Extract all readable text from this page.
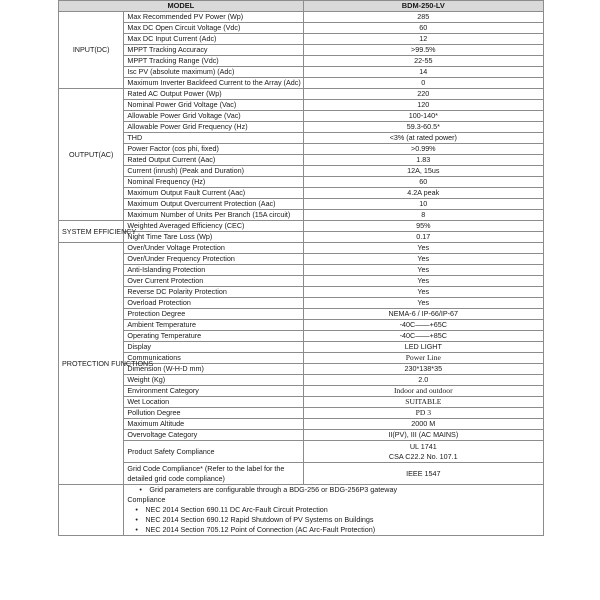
MODEL		BDM-250-LV
INPUT(DC)	Max Recommended PV Power (Wp)	285
	Max DC Open Circuit Voltage (Vdc)	60
	Max DC Input Current (Adc)	12
	MPPT Tracking Accuracy	>99.5%
	MPPT Tracking Range (Vdc)	22-55
	Isc PV (absolute maximum) (Adc)	14
	Maximum Inverter Backfeed Current to the Array (Adc)	0
OUTPUT(AC)	Rated AC Output Power (Wp)	220
	Nominal Power Grid Voltage (Vac)	120
	Allowable Power Grid Voltage (Vac)	100-140*
	Allowable Power Grid Frequency (Hz)	59.3-60.5*
	THD	<3% (at rated power)
	Power Factor (cos phi, fixed)	>0.99%
	Rated Output Current (Aac)	1.83
	Current (inrush) (Peak and Duration)	12A, 15us
	Nominal Frequency (Hz)	60
	Maximum Output Fault Current (Aac)	4.2A peak
	Maximum Output Overcurrent Protection (Aac)	10
	Maximum Number of Units Per Branch (15A circuit)	8
SYSTEM EFFICIENCY	Weighted Averaged Efficiency (CEC)	95%
	Night Time Tare Loss (Wp)	0.17
PROTECTION FUNCTIONS	Over/Under Voltage Protection	Yes
	Over/Under Frequency Protection	Yes
	Anti-Islanding Protection	Yes
	Over Current Protection	Yes
	Reverse DC Polarity Protection	Yes
	Overload Protection	Yes
	Protection Degree	NEMA-6 / IP-66/IP-67
	Ambient Temperature	-40C——+65C
	Operating Temperature	-40C——+85C
	Display	LED LIGHT
	Communications	Power Line
	Dimension (W-H-D mm)	230*138*35
	Weight (Kg)	2.0
	Environment Category	Indoor and outdoor
	Wet Location	SUITABLE
	Pollution Degree	PD 3
	Maximum Altitude	2000 M
	Overvoltage Category	II(PV), III (AC MAINS)
	Product Safety Compliance	UL 1741
CSA C22.2 No. 107.1

	Grid Code Compliance* (Refer to the label for the detailed grid code compliance)	IEEE 1547

	• Grid parameters are configurable through a BDG-256 or BDG-256P3 gateway
Compliance
• NEC 2014 Section 690.11 DC Arc-Fault Circuit Protection
• NEC 2014 Section 690.12 Rapid Shutdown of PV Systems on Buildings
• NEC 2014 Section 705.12 Point of Connection (AC Arc-Fault Protection)
